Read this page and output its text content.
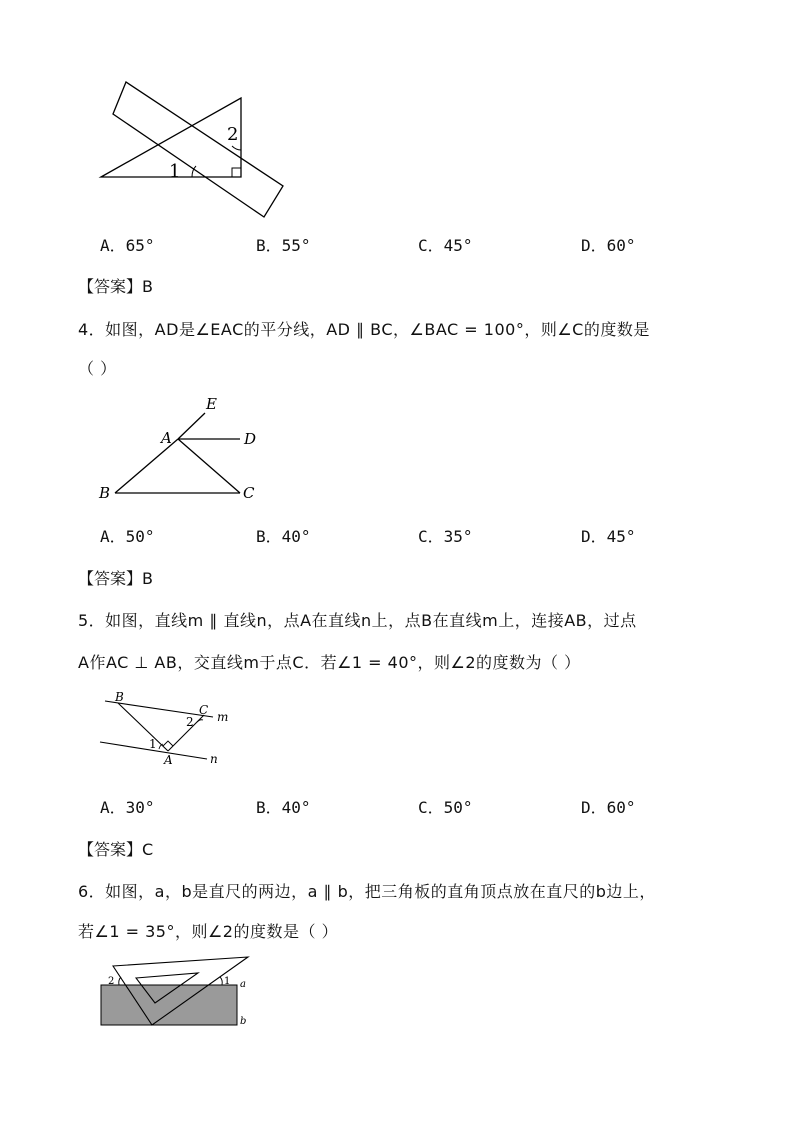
1
2
A．65°	B．55°	C．45°	D．60°
【答案】B
4．如图，AD是∠EAC的平分线，AD ∥ BC，∠BAC = 100°，则∠C的度数是
（ ）
E
A	D
B	C
A．50°	B．40°	C．35°	D．45°
【答案】B
5．如图，直线m ∥ 直线n，点A在直线n上，点B在直线m上，连接AB，过点
A作AC ⊥ AB，交直线m于点C．若∠1 = 40°，则∠2的度数为（ ）
B
C m
2
1
A	n
A．30°	B．40°	C．50°	D．60°
【答案】C
6．如图，a，b是直尺的两边，a ∥ b，把三角板的直角顶点放在直尺的b边上，
若∠1 = 35°，则∠2的度数是（ ）
2	1 a
b
